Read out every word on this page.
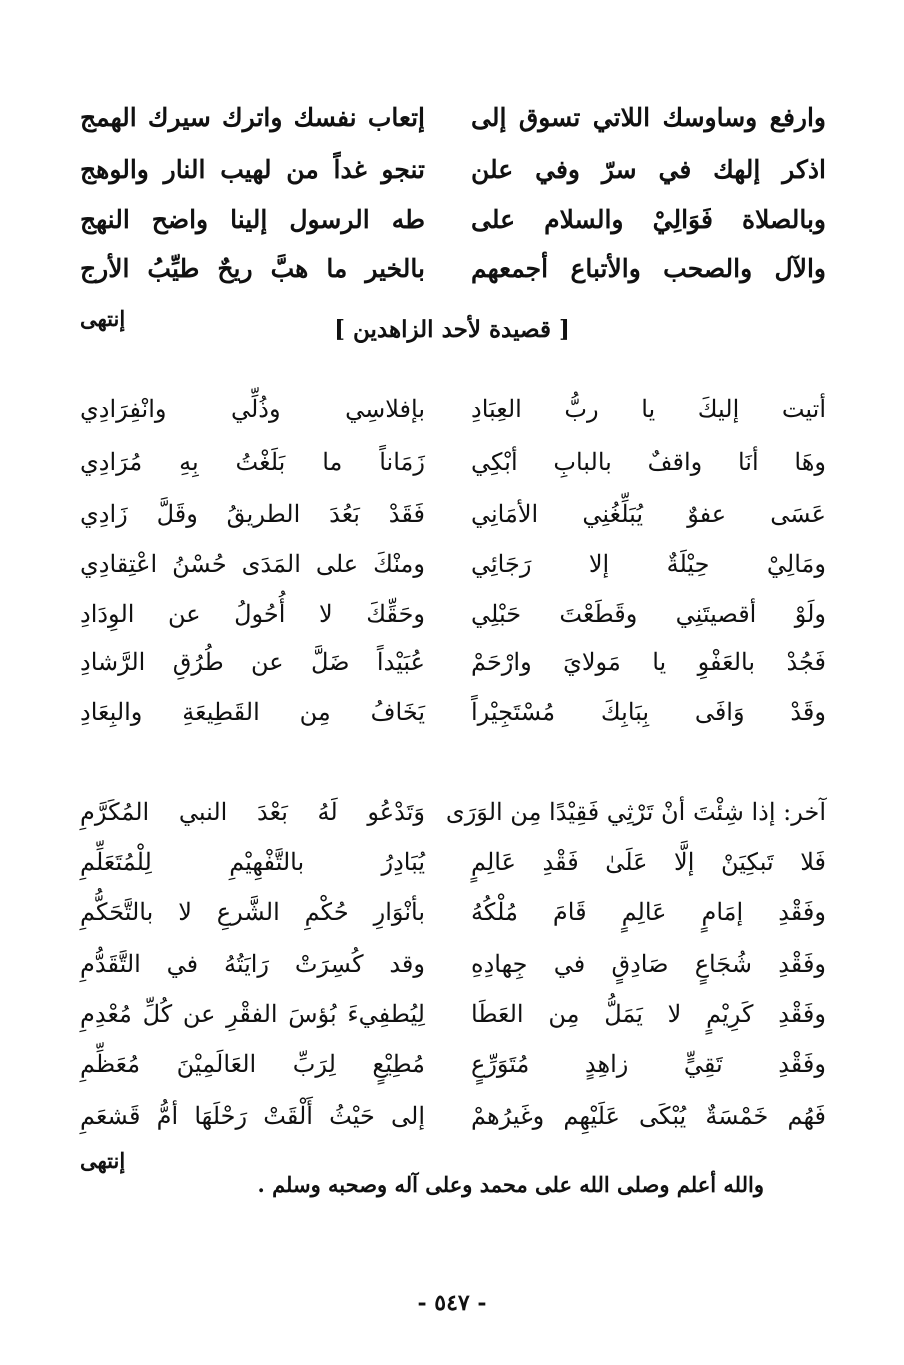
وارفع وساوسك اللاتي تسوق إلى
إتعاب نفسك واترك سيرك الهمج
اذكر إلهك في سرّ وفي علن
تنجو غداً من لهيب النار والوهج
وبالصلاة فَوَالِيْ والسلام على
طه الرسول إلينا واضح النهج
والآل والصحب والأتباع أجمعهم
بالخير ما هبَّ ريحٌ طيِّبُ الأرج
إنتهى	[ قصيدة لأحد الزاهدين ]
أتيت إليكَ يا ربُّ العِبَادِ
بإفلاسِي وذُلِّي وانْفِرَادِي
وهَا أنَا واقفٌ بالبابِ أبْكِي
زَمَاناً ما بَلَغْتُ بِهِ مُرَادِي
عَسَى عفوٌ يُبَلِّغُنِي الأمَانِي
فَقَدْ بَعُدَ الطريقُ وقَلَّ زَادِي
ومَالِيْ حِيْلَةٌ إلا رَجَائِي
ومنْكَ على المَدَى حُسْنُ اعْتِقادِي
ولَوْ أقصيتَنِي وقَطَعْتَ حَبْلِي
وحَقِّكَ لا أُحُولُ عن الوِدَادِ
فَجُدْ بالعَفْوِ يا مَولايَ وارْحَمْ
عُبَيْداً ضَلَّ عن طُرُقِ الرَّشادِ
وقَدْ وَافَى بِبَابِكَ مُسْتَجِيْراً
يَخَافُ مِن القَطِيعَةِ والبِعَادِ
آخر: إذا شِئْتَ أنْ تَرْثِي فَقِيْدًا مِن الوَرَى
وَتَدْعُو لَهُ بَعْدَ النبي المُكَرَّمِ
فَلا تَبكِيَنْ إلَّا عَلَىٰ فَقْدِ عَالِمٍ
يُبَادِرُ بالتَّفْهِيْمِ لِلْمُتَعَلِّمِ
وفَقْدِ إمَامٍ عَالِمٍ قَامَ مُلْكُهُ
بأنْوَارِ حُكْمِ الشَّرعِ لا بالتَّحَكُّمِ
وفَقْدِ شُجَاعٍ صَادِقٍ في جِهادِهِ
وقد كُسِرَتْ رَايَتُهُ في التَّقَدُّمِ
وفَقْدِ كَرِيْمٍ لا يَمَلُّ مِن العَطَا
لِيُطفِيءَ بُؤسَ الفقْرِ عن كُلِّ مُعْدِمِ
وفَقْدِ تَقِيٍّ زاهِدٍ مُتَوَرِّعٍ
مُطِيْعٍ لِرَبِّ العَالَمِيْنَ مُعَظِّمِ
فَهُم خَمْسَةٌ يُبْكَى عَلَيْهِم وغَيرُهمْ
إلى حَيْثُ أَلْقَتْ رَحْلَهَا أمُّ قَشعَمِ
إنتهى
والله أعلم وصلى الله على محمد وعلى آله وصحبه وسلم .
- ٥٤٧ -
